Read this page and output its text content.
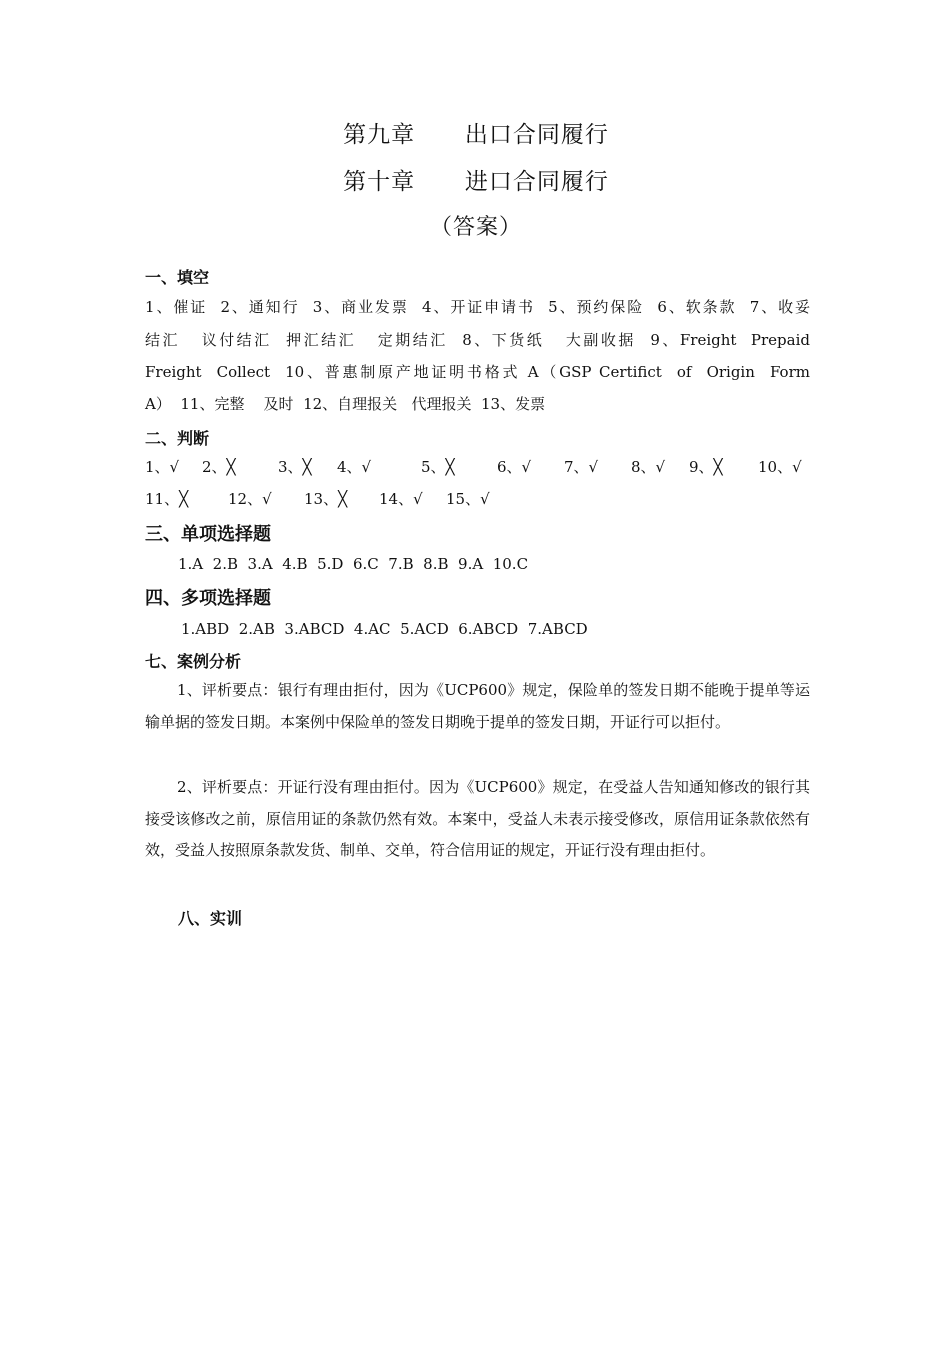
第九章      出口合同履行
第十章      进口合同履行
（答案）
一、填空
1、催证  2、通知行  3、商业发票  4、开证申请书  5、预约保险  6、软条款  7、收妥
结汇   议付结汇  押汇结汇   定期结汇  8、下货纸   大副收据  9、Freight  Prepaid
Freight  Collect  10、普惠制原产地证明书格式 A（GSP Certifict  of  Origin  Form
A）  11、完整    及时  12、自理报关   代理报关  13、发票
二、判断
1、√ 2、╳	3、╳ 4、√	5、╳	6、√ 7、√ 8、√ 9、╳ 10、√
11、╳	12、√ 13、╳ 14、√ 15、√
三、单项选择题
1.A  2.B  3.A  4.B  5.D  6.C  7.B  8.B  9.A  10.C
四、多项选择题
1.ABD  2.AB  3.ABCD  4.AC  5.ACD  6.ABCD  7.ABCD
七、案例分析
1、评析要点：银行有理由拒付，因为《UCP600》规定，保险单的签发日期不能晚于提单等运输单据的签发日期。本案例中保险单的签发日期晚于提单的签发日期，开证行可以拒付。
2、评析要点：开证行没有理由拒付。因为《UCP600》规定，在受益人告知通知修改的银行其接受该修改之前，原信用证的条款仍然有效。本案中，受益人未表示接受修改，原信用证条款依然有效，受益人按照原条款发货、制单、交单，符合信用证的规定，开证行没有理由拒付。
八、实训
